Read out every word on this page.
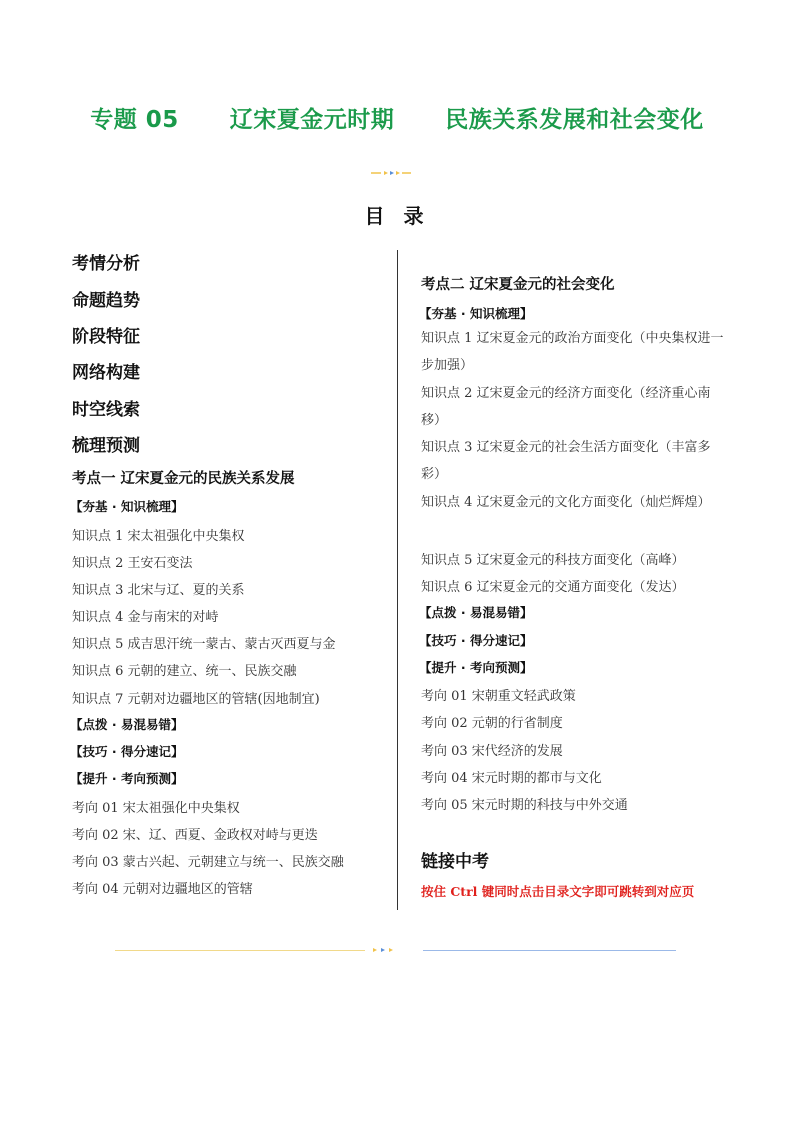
专题 05      辽宋夏金元时期      民族关系发展和社会变化
目 录
考情分析
命题趋势
阶段特征
网络构建
时空线索
梳理预测
考点一 辽宋夏金元的民族关系发展
【夯基 · 知识梳理】
知识点 1 宋太祖强化中央集权
知识点 2 王安石变法
知识点 3 北宋与辽、夏的关系
知识点 4 金与南宋的对峙
知识点 5 成吉思汗统一蒙古、蒙古灭西夏与金
知识点 6 元朝的建立、统一、民族交融
知识点 7 元朝对边疆地区的管辖(因地制宜)
【点拨 · 易混易错】
【技巧 · 得分速记】
【提升 · 考向预测】
考向 01 宋太祖强化中央集权
考向 02 宋、辽、西夏、金政权对峙与更迭
考向 03 蒙古兴起、元朝建立与统一、民族交融
考向 04 元朝对边疆地区的管辖
考点二 辽宋夏金元的社会变化
【夯基 · 知识梳理】
知识点 1 辽宋夏金元的政治方面变化（中央集权进一步加强）
知识点 2 辽宋夏金元的经济方面变化（经济重心南移）
知识点 3 辽宋夏金元的社会生活方面变化（丰富多彩）
知识点 4 辽宋夏金元的文化方面变化（灿烂辉煌）
知识点 5 辽宋夏金元的科技方面变化（高峰）
知识点 6 辽宋夏金元的交通方面变化（发达）
【点拨 · 易混易错】
【技巧 · 得分速记】
【提升 · 考向预测】
考向 01 宋朝重文轻武政策
考向 02 元朝的行省制度
考向 03 宋代经济的发展
考向 04 宋元时期的都市与文化
考向 05 宋元时期的科技与中外交通
链接中考
按住 Ctrl 键同时点击目录文字即可跳转到对应页
